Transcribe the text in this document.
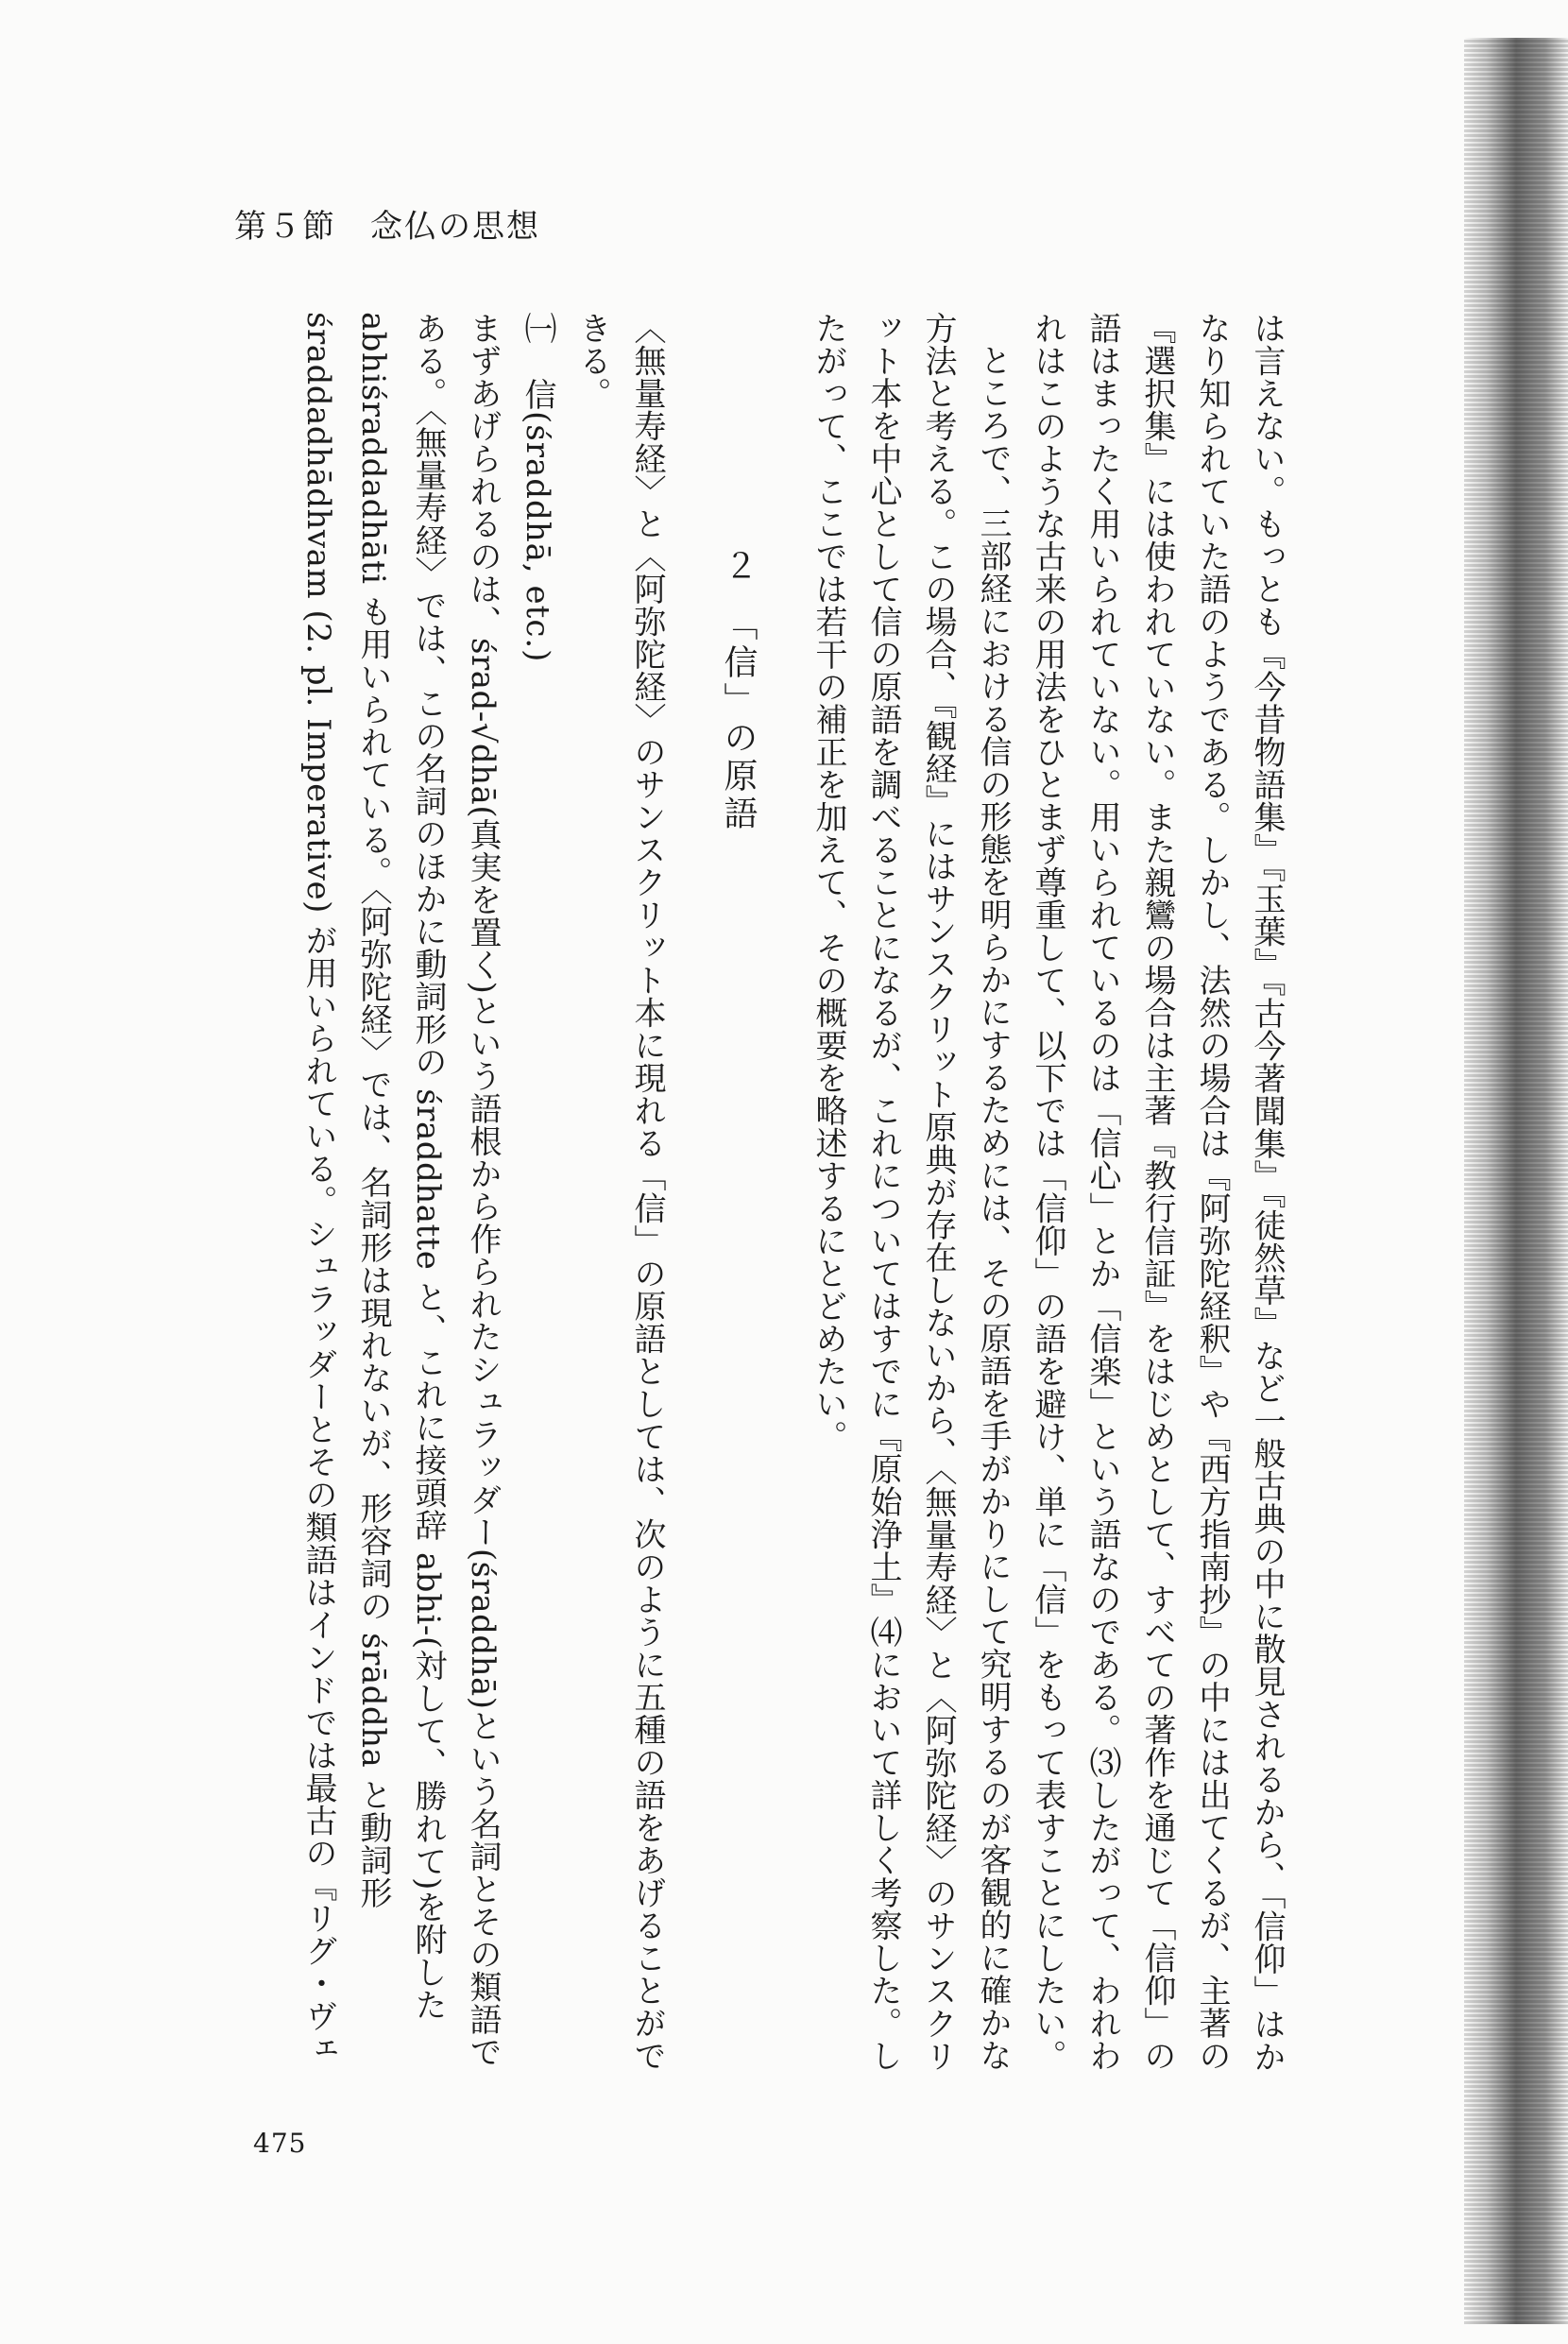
第５節　念仏の思想

は言えない。もっとも『今昔物語集』『玉葉』『古今著聞集』『徒然草』など一般古典の中に散見されるから、「信仰」はかなり知られていた語のようである。しかし、法然の場合は『阿弥陀経釈』や『西方指南抄』の中には出てくるが、主著の『選択集』には使われていない。また親鸞の場合は主著『教行信証』をはじめとして、すべての著作を通じて「信仰」の語はまったく用いられていない。用いられているのは「信心」とか「信楽」という語なのである。⑶したがって、われわれはこのような古来の用法をひとまず尊重して、以下では「信仰」の語を避け、単に「信」をもって表すことにしたい。

ところで、三部経における信の形態を明らかにするためには、その原語を手がかりにして究明するのが客観的に確かな方法と考える。この場合、『観経』にはサンスクリット原典が存在しないから、〈無量寿経〉と〈阿弥陀経〉のサンスクリット本を中心として信の原語を調べることになるが、これについてはすでに『原始浄土』⑷において詳しく考察した。したがって、ここでは若干の補正を加えて、その概要を略述するにとどめたい。

２　「信」の原語

〈無量寿経〉と〈阿弥陀経〉のサンスクリット本に現れる「信」の原語としては、次のように五種の語をあげることができる。

㈠　信(śraddhā, etc.)

まずあげられるのは、śrad-√dhā(真実を置く)という語根から作られたシュラッダー(śraddhā)という名詞とその類語である。〈無量寿経〉では、この名詞のほかに動詞形の śraddhatte と、これに接頭辞 abhi-(対して、勝れて)を附した abhiśraddadhāti も用いられている。〈阿弥陀経〉では、名詞形は現れないが、形容詞の śrāddha と動詞形 śraddadhādhvam (2. pl. Imperative) が用いられている。シュラッダーとその類語はインドでは最古の『リグ・ヴェ

475
